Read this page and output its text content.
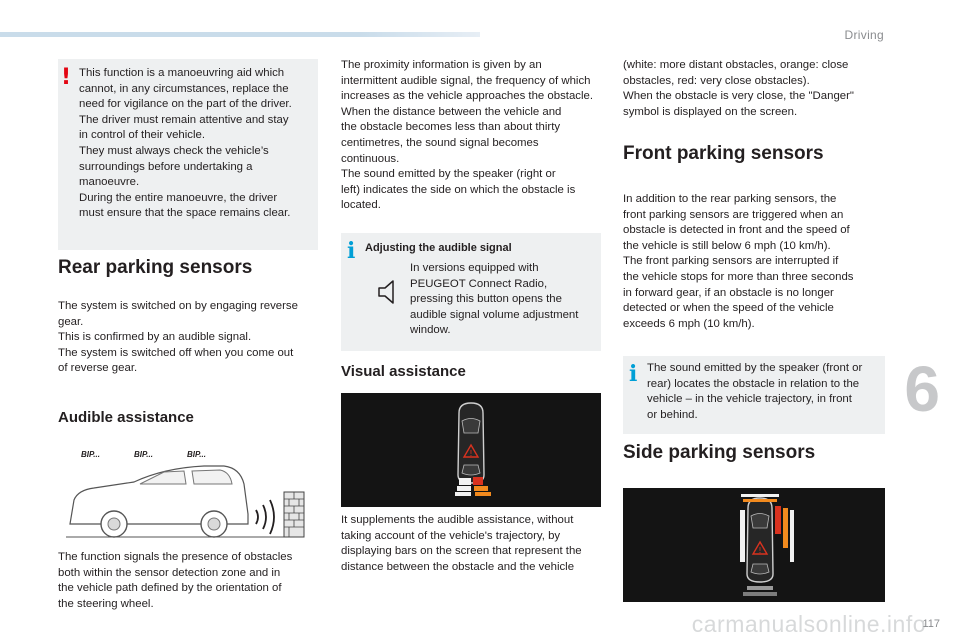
Driving
! This function is a manoeuvring aid which
cannot, in any circumstances, replace the
need for vigilance on the part of the driver.
The driver must remain attentive and stay
in control of their vehicle.
They must always check the vehicle’s
surroundings before undertaking a
manoeuvre.
During the entire manoeuvre, the driver
must ensure that the space remains clear.
Rear parking sensors
The system is switched on by engaging reverse
gear.
This is confirmed by an audible signal.
The system is switched off when you come out
of reverse gear.
Audible assistance
BIP...	BIP...	BIP...
The function signals the presence of obstacles
both within the sensor detection zone and in
the vehicle path defined by the orientation of
the steering wheel.
The proximity information is given by an
intermittent audible signal, the frequency of which
increases as the vehicle approaches the obstacle.
When the distance between the vehicle and
the obstacle becomes less than about thirty
centimetres, the sound signal becomes
continuous.
The sound emitted by the speaker (right or
left) indicates the side on which the obstacle is
located.
i Adjusting the audible signal
In versions equipped with
PEUGEOT Connect Radio,
pressing this button opens the
audible signal volume adjustment
window.
Visual assistance
!
It supplements the audible assistance, without
taking account of the vehicle's trajectory, by
displaying bars on the screen that represent the
distance between the obstacle and the vehicle
(white: more distant obstacles, orange: close
obstacles, red: very close obstacles).
When the obstacle is very close, the "Danger"
symbol is displayed on the screen.
Front parking sensors
In addition to the rear parking sensors, the
front parking sensors are triggered when an
obstacle is detected in front and the speed of
the vehicle is still below 6 mph (10 km/h).
The front parking sensors are interrupted if
the vehicle stops for more than three seconds
in forward gear, if an obstacle is no longer
detected or when the speed of the vehicle
exceeds 6 mph (10 km/h).
i The sound emitted by the speaker (front or
rear) locates the obstacle in relation to the
vehicle – in the vehicle trajectory, in front
or behind.
Side parking sensors
!
6
carmanualsonline.info
117
